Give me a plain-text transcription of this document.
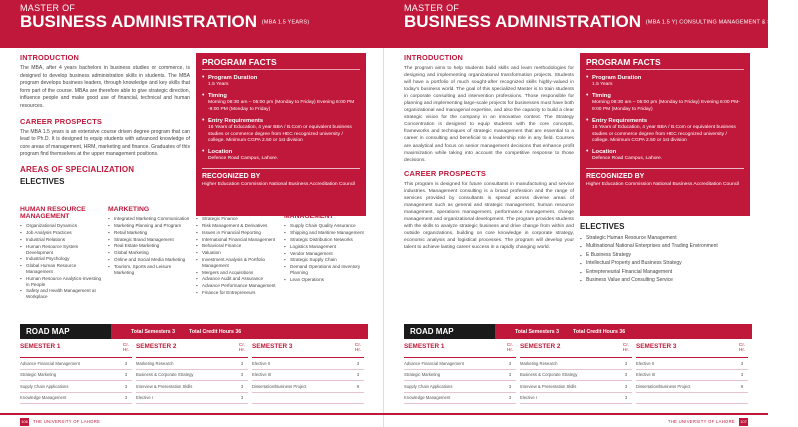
MASTER OF
BUSINESS ADMINISTRATION (MBA 1.5 YEARS)
INTRODUCTION
The MBA, after 4 years bachelors in business studies or commerce, is designed to develop business administration skills in students. The MBA program develops business leaders, through knowledge and key skills that form part of the course. MBAs are therefore able to give strategic direction, influence people and make good use of financial, technical and human resources.
CAREER PROSPECTS
The MBA 1.5 years is an extensive course driven degree program that can lead to Ph.D. It is designed to equip students with advanced knowledge of core areas of management, HRM, marketing and finance. Graduates of this program find themselves at the upper management positions.
AREAS OF SPECIALIZATION
ELECTIVES
PROGRAM FACTS
• Program Duration
1.5 Years
• Timing
Morning 08:30 am – 05:00 pm (Monday to Friday) Evening 6:00 PM -9:00 PM (Monday to Friday)
• Entry Requirements
16 Years of Education, 4 year BBA / B.Com or equivalent business studies or commerce degree from HEC recognized university / college. Minimum CGPA 2.50 or 1st division
• Location
Defence Road Campus, Lahore.
RECOGNIZED BY
Higher Education Commission National Business Accreditation Council
HUMAN RESOURCE MANAGEMENT
▪ Organizational Dynamics
▪ Job Analysis Practices
▪ Industrial Relations
▪ Human Resource System Development
▪ Industrial Psychology
▪ Global Human Resource Management
▪ Human Resource Analytics-Investing in People
▪ Safety and Health Management at Workplace
MARKETING
▪ Integrated Marketing Communication
▪ Marketing Planning and Program
▪ Retail Marketing
▪ Strategic Brand Management
▪ Real Estate Marketing
▪ Global Marketing
▪ Online and Social Media Marketing
▪ Tourism, Sports and Leisure Marketing
FINANCE
▪ Strategic Finance
▪ Risk Management & Derivatives
▪ Issues in Financial Reporting
▪ International Financial Management
▪ Behavioral Finance
▪ Valuation
▪ Investment Analysis & Portfolio Management
▪ Mergers and Acquisitions
▪ Advance Audit and Assurance
▪ Advance Performance Management
▪ Finance for Entrepreneurs
SUPPLY CHAIN MANAGEMENT
▪ Supply Chain Quality Assurance
▪ Shipping and Maritime Management
▪ Strategic Distribution Networks
▪ Logistics Management
▪ Vendor Management
▪ Strategic Supply Chain
▪ Demand Operations and Inventory Planning
▪ Lean Operations
ROAD MAP	Total Semesters 3	Total Credit Hours 36
SEMESTER 1	Cr. Hr.
Advance Financial Management	3
Strategic Marketing	3
Supply Chain Applications	3
Knowledge Management	3
SEMESTER 2	Cr. Hr.
Marketing Research	3
Business & Corporate Strategy	3
Interview & Presentation Skills	3
Elective I	3
SEMESTER 3	Cr. Hr.
Elective II	3
Elective III	3
Dissertation/Business Project	6
106 THE UNIVERSITY OF LAHORE
MASTER OF
BUSINESS ADMINISTRATION (MBA 1.5 Y) CONSULTING MANAGEMENT & STRATEGY
INTRODUCTION
The program aims to help students build skills and learn methodologies for designing and implementing organizational transformation projects. Students will have a portfolio of much sought-after recognized skills highly-valued in today's business world. The goal of this specialized Master is to train students in corporate consulting and intervention professions. Those responsible for planning and implementing large-scale projects for businesses must have both organizational and managerial expertise, and also the capacity to build a clear strategic vision for the company in an innovative context. The Strategy Concentration is designed to equip students with the core concepts, frameworks and techniques of strategic management that are essential to a career in consulting and beneficial to a leadership role in any field. Courses are analytical and focus on senior management decisions that enhance profit maximization while taking into account the competitive response to those decisions.
CAREER PROSPECTS
This program is designed for future consultants in manufacturing and service industries. Management consulting is a broad profession and the range of services provided by consultants is spread across diverse areas of management such as general and strategic management, human resource management, operations management, performance management, change management and organizational development. The program provides students with the skills to analyze strategic business and drive change from within and outside organizations, building on core knowledge in corporate strategy, economic analysis and logistical processes. The program will develop your talent to achieve lasting career success in a rapidly changing world.
PROGRAM FACTS
• Program Duration
1.5 Years
• Timing
Morning 08:30 am – 05:00 pm (Monday to Friday) Evening 6:00 PM-9:00 PM (Monday to Friday)
• Entry Requirements
16 Years of Education, 4 year BBA / B.Com or equivalent business studies or commerce degree from HEC recognized university / college. Minimum CGPA 2.50 or 1st division
• Location
Defence Road Campus, Lahore.
RECOGNIZED BY
Higher Education Commission National Business Accreditation Council
ELECTIVES
▪ Strategic Human Resource Management
▪ Multinational National Enterprises and Trading Environment
▪ E Business Strategy
▪ Intellectual Property and Business Strategy
▪ Entrepreneurial Financial Management
▪ Business Value and Consulting Service
ROAD MAP	Total Semesters 3	Total Credit Hours 36
SEMESTER 1	Cr. Hr.
Advance Financial Management	3
Strategic Marketing	3
Supply Chain Applications	3
Knowledge Management	3
SEMESTER 2	Cr. Hr.
Marketing Research	3
Business & Corporate Strategy	3
Interview & Presentation Skills	3
Elective I	3
SEMESTER 3	Cr. Hr.
Elective II	3
Elective III	3
Dissertation/Business Project	6
THE UNIVERSITY OF LAHORE 107
